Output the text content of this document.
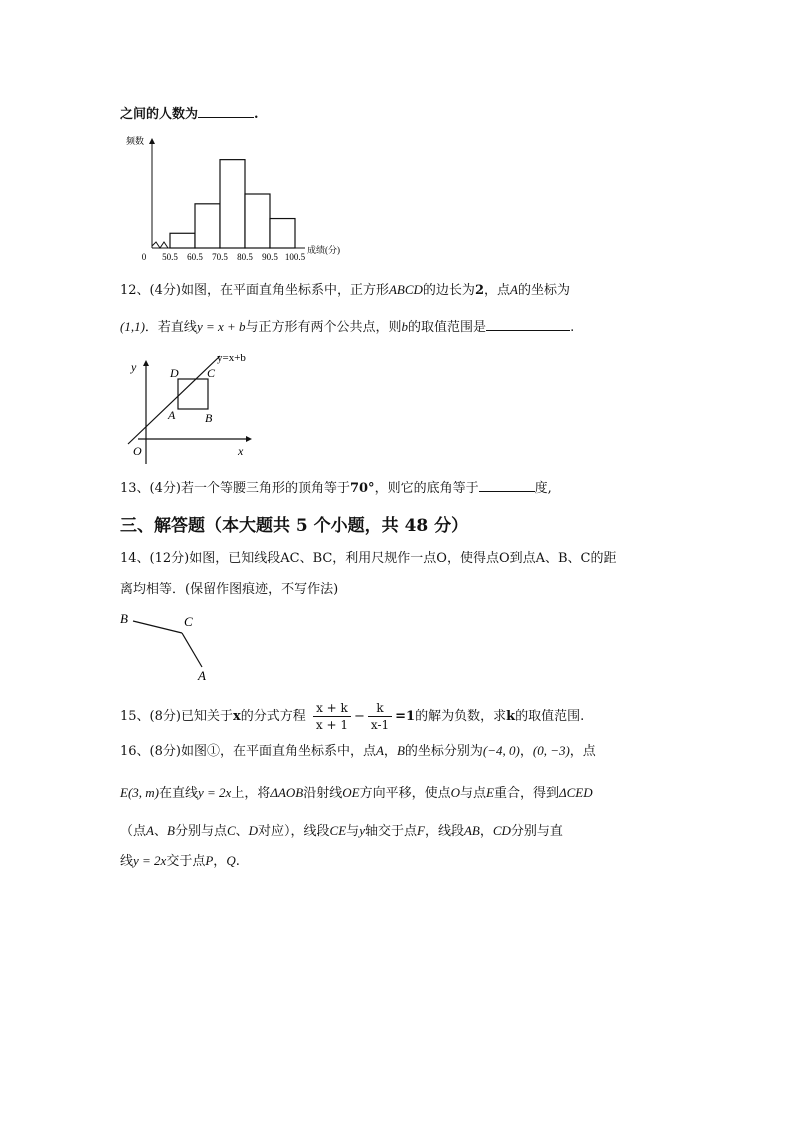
之间的人数为	.
50.5 60.5 70.5 80.5 90.5 100.5
0
频数
成绩(分)
12、(4分)如图，在平面直角坐标系中，正方形ABCD的边长为2，点A的坐标为
(1,1)．若直线y = x + b与正方形有两个公共点，则b的取值范围是	.
y
x
O
y=x+b
A B
C
D
13、(4分)若一个等腰三角形的顶角等于70°，则它的底角等于	度,
三、解答题（本大题共 5 个小题，共 48 分）
14、(12分)如图，已知线段AC、BC，利用尺规作一点O，使得点O到点A、B、C的距
离均相等．(保留作图痕迹，不写作法)
B	C
A
15、(8分)已知关于x的分式方程 $\frac{x + k}{x + 1} - \frac{k}{x-1} =1$的解为负数，求k的取值范围.
16、(8分)如图①，在平面直角坐标系中，点A，B的坐标分别为(−4, 0)，(0, −3)，点
E(3, m)在直线y = 2x上，将ΔAOB沿射线OE方向平移，使点O与点E重合，得到ΔCED
（点A、B分别与点C、D对应），线段CE与y轴交于点F，线段AB，CD分别与直
线y = 2x交于点P，Q.
